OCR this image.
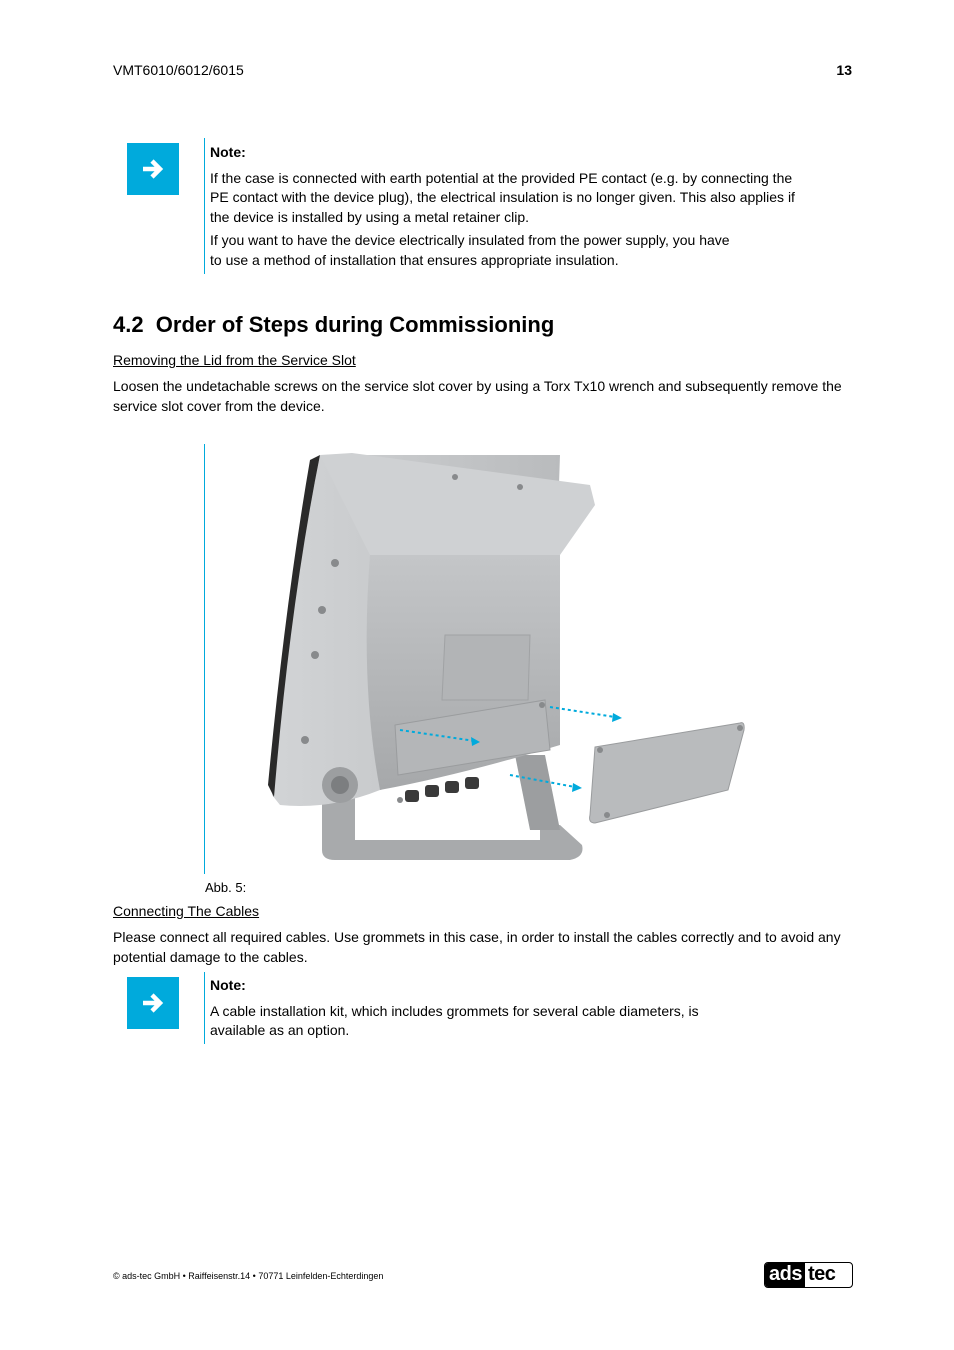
VMT6010/6012/6015	13
Note:

If the case is connected with earth potential at the provided PE contact (e.g. by connecting the PE contact with the device plug), the electrical insulation is no longer given. This also applies if the device is installed by using a metal retainer clip.

If you want to have the device electrically insulated from the power supply, you have to use a method of installation that ensures appropriate insulation.

4.2  Order of Steps during Commissioning
Removing the Lid from the Service Slot
Loosen the undetachable screws on the service slot cover by using a Torx Tx10 wrench and subsequently remove the service slot cover from the device.
Abb. 5:
Connecting The Cables
Please connect all required cables. Use grommets in this case, in order to install the cables correctly and to avoid any potential damage to the cables.
Note:

A cable installation kit, which includes grommets for several cable diameters, is available as an option.

© ads-tec GmbH • Raiffeisenstr.14 • 70771 Leinfelden-Echterdingen	ads tec
